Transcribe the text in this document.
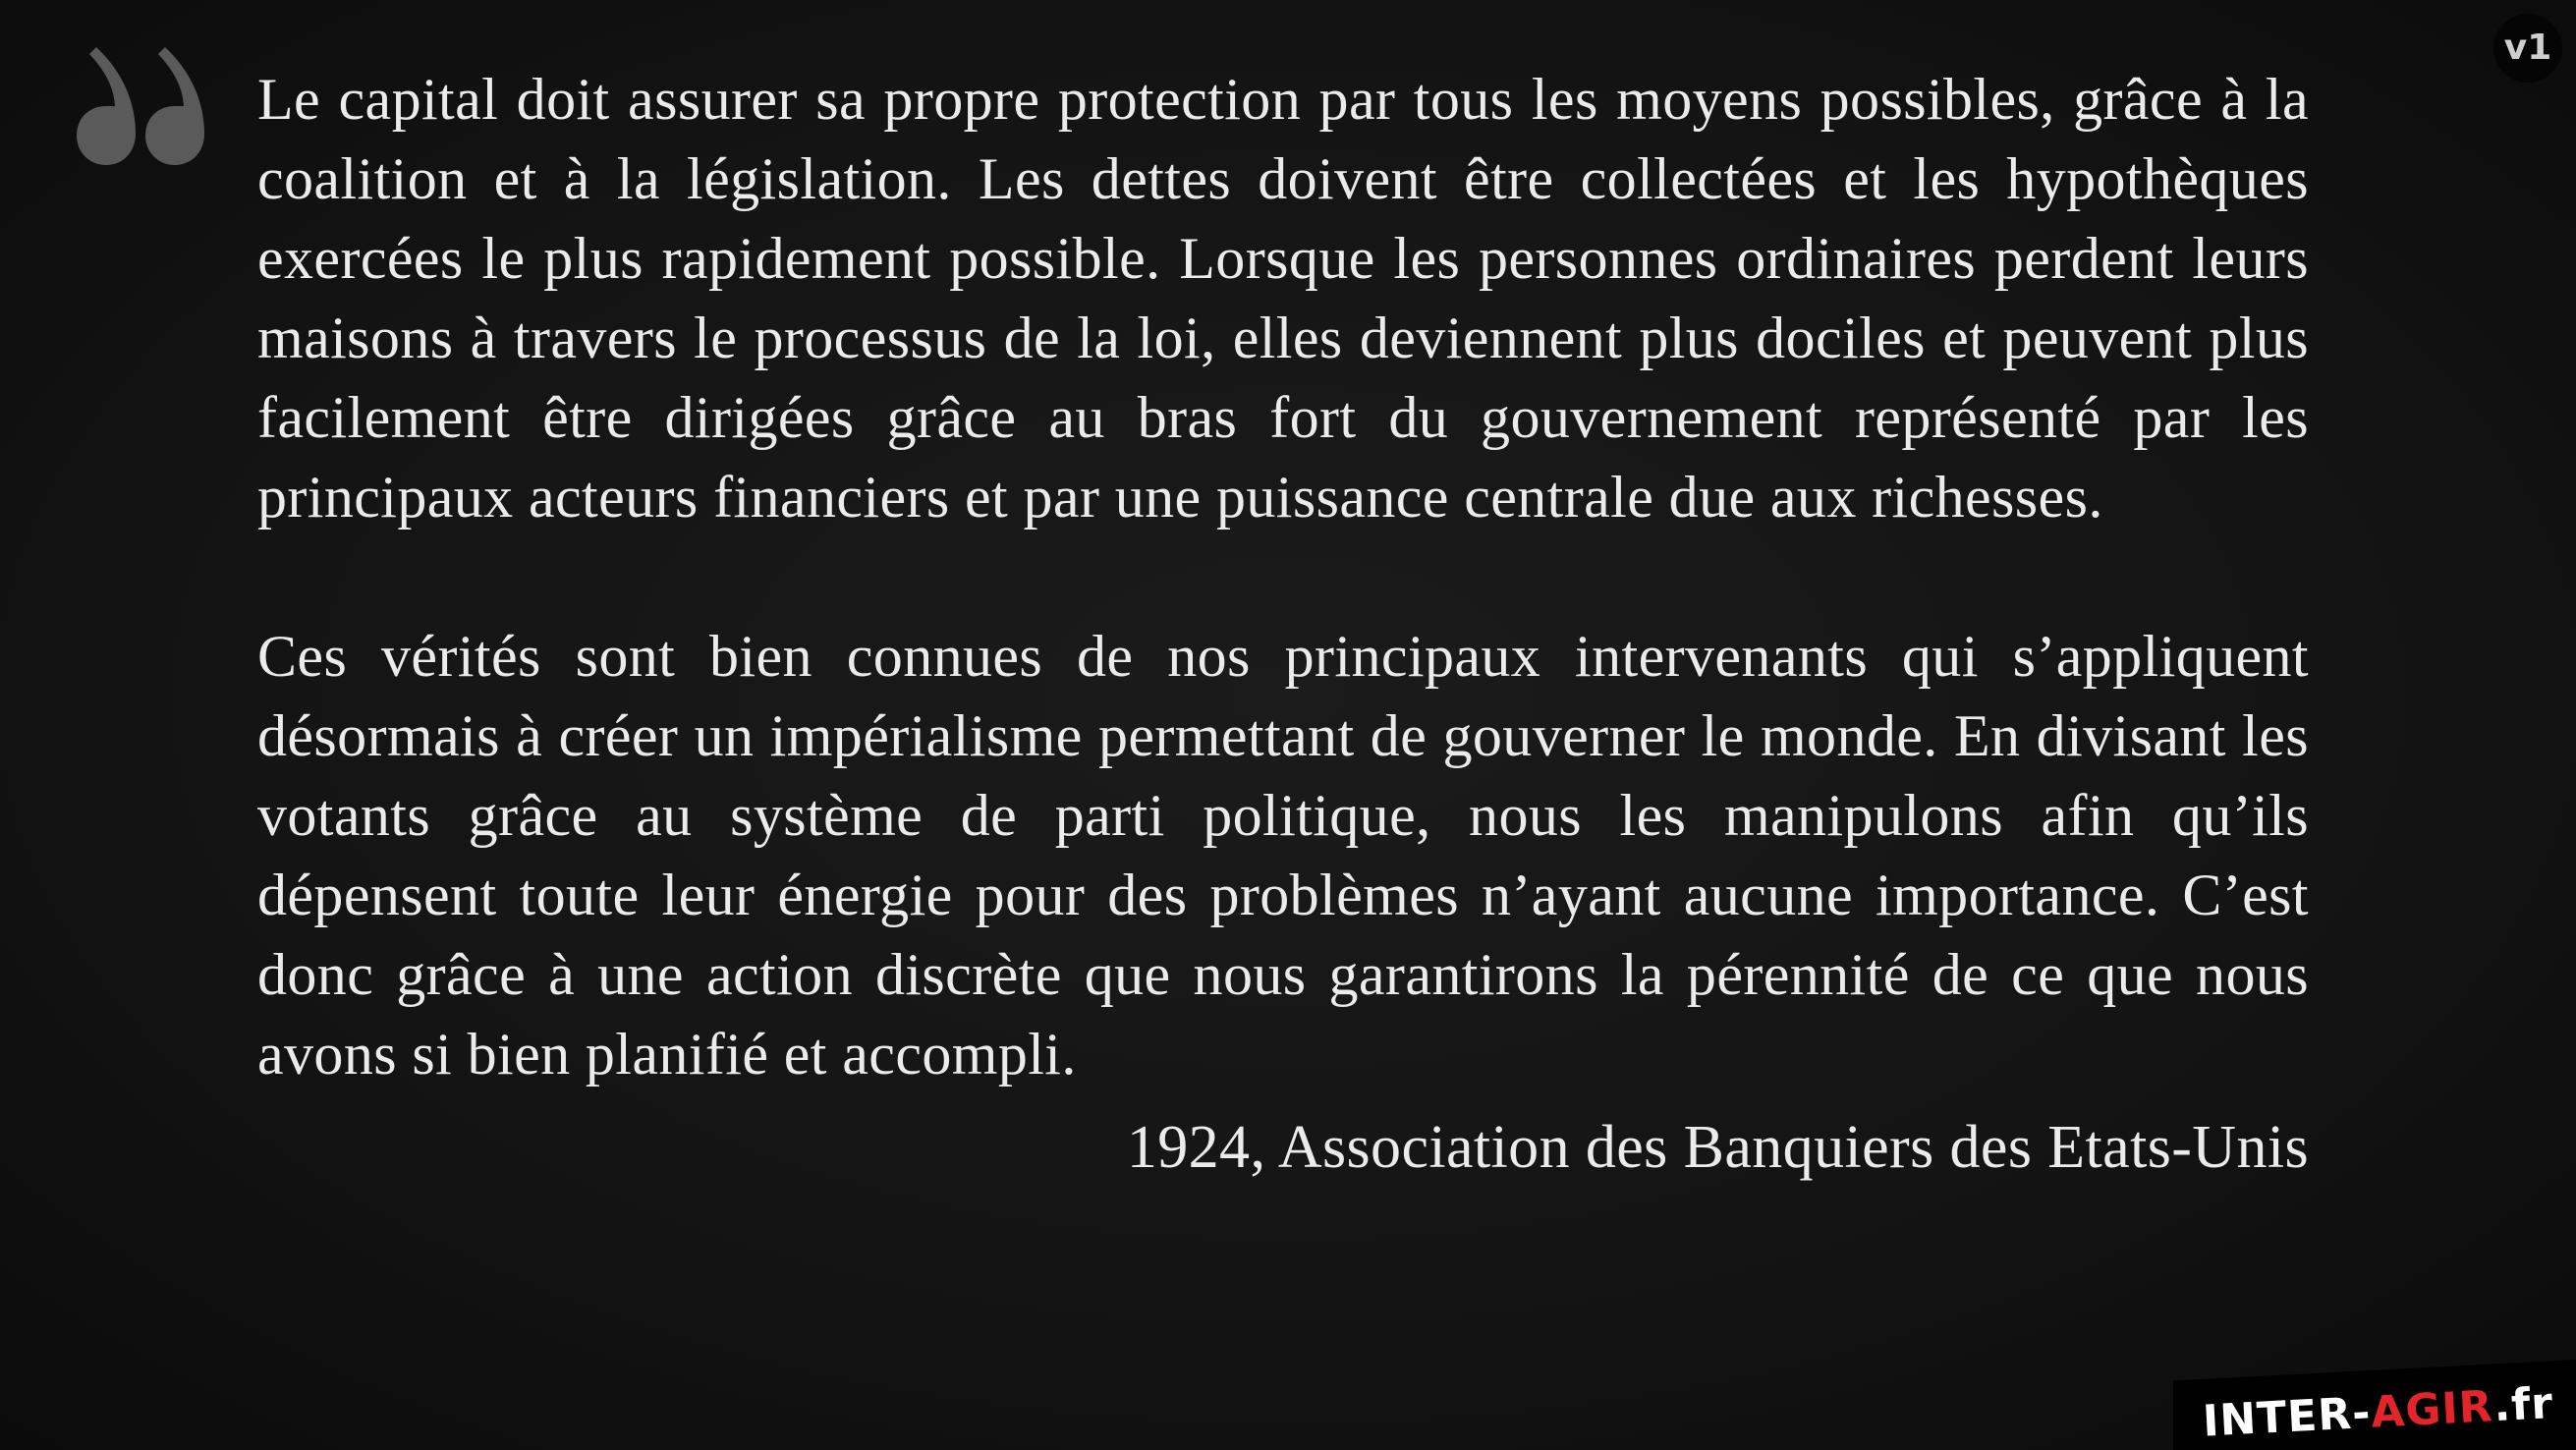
Le capital doit assurer sa propre protection par tous les moyens possibles, grâce à la coalition et à la législation. Les dettes doivent être collectées et les hypothèques exercées le plus rapidement possible. Lorsque les personnes ordinaires perdent leurs maisons à travers le processus de la loi, elles deviennent plus dociles et peuvent plus facilement être dirigées grâce au bras fort du gouvernement représenté par les principaux acteurs financiers et par une puissance centrale due aux richesses.

Ces vérités sont bien connues de nos principaux intervenants qui s’appliquent désormais à créer un impérialisme permettant de gouverner le monde. En divisant les votants grâce au système de parti politique, nous les manipulons afin qu’ils dépensent toute leur énergie pour des problèmes n’ayant aucune importance. C’est donc grâce à une action discrète que nous garantirons la pérennité de ce que nous avons si bien planifié et accompli.

1924, Association des Banquiers des Etats-Unis

v1
INTER-AGIR.fr
